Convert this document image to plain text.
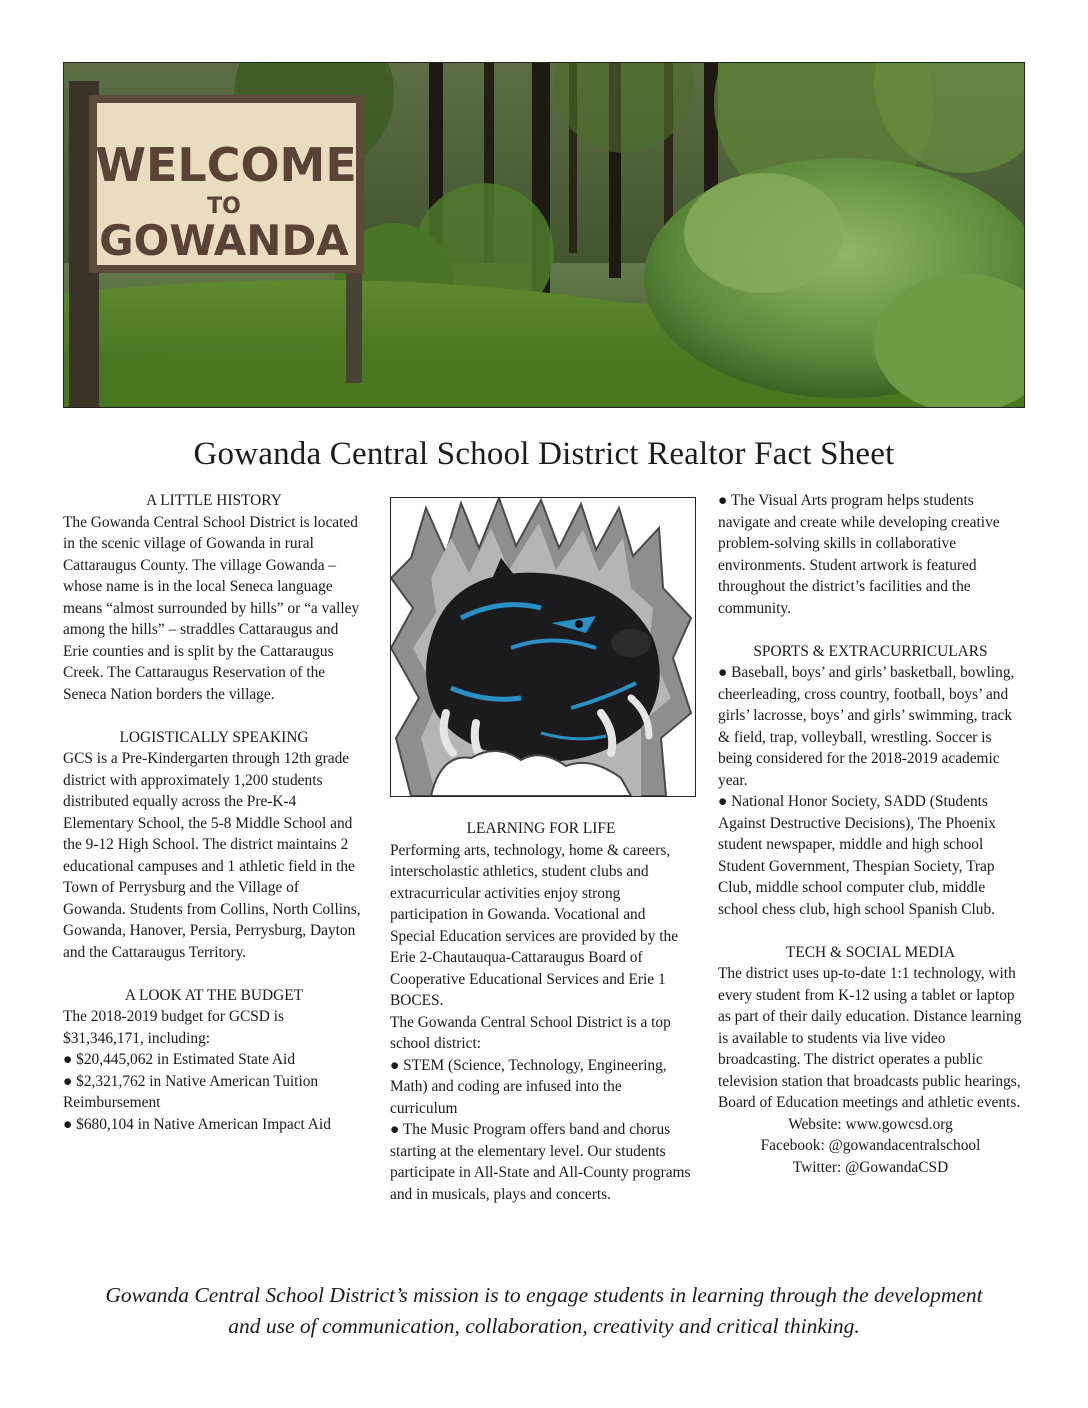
WELCOME
TO
GOWANDA
Gowanda Central School District Realtor Fact Sheet

A LITTLE HISTORY

The Gowanda Central School District is located in the scenic village of Gowanda in rural Cattaraugus County. The village Gowanda – whose name is in the local Seneca language means “almost surrounded by hills” or “a valley among the hills” – straddles Cattaraugus and Erie counties and is split by the Cattaraugus Creek. The Cattaraugus Reservation of the Seneca Nation borders the village.

LOGISTICALLY SPEAKING

GCS is a Pre-Kindergarten through 12th grade district with approximately 1,200 students distributed equally across the Pre-K-4 Elementary School, the 5-8 Middle School and the 9-12 High School. The district maintains 2 educational campuses and 1 athletic field in the Town of Perrysburg and the Village of Gowanda. Students from Collins, North Collins, Gowanda, Hanover, Persia, Perrysburg, Dayton and the Cattaraugus Territory.

A LOOK AT THE BUDGET

The 2018-2019 budget for GCSD is $31,346,171, including:

● $20,445,062 in Estimated State Aid

● $2,321,762 in Native American Tuition Reimbursement

● $680,104 in Native American Impact Aid

LEARNING FOR LIFE

Performing arts, technology, home & careers, interscholastic athletics, student clubs and extracurricular activities enjoy strong participation in Gowanda. Vocational and Special Education services are provided by the Erie 2-Chautauqua-Cattaraugus Board of Cooperative Educational Services and Erie 1 BOCES.

The Gowanda Central School District is a top school district:

● STEM (Science, Technology, Engineering, Math) and coding are infused into the curriculum

● The Music Program offers band and chorus starting at the elementary level. Our students participate in All-State and All-County programs and in musicals, plays and concerts.

● The Visual Arts program helps students navigate and create while developing creative problem-solving skills in collaborative environments. Student artwork is featured throughout the district’s facilities and the community.

SPORTS & EXTRACURRICULARS

● Baseball, boys’ and girls’ basketball, bowling, cheerleading, cross country, football, boys’ and girls’ lacrosse, boys’ and girls’ swimming, track & field, trap, volleyball, wrestling. Soccer is being considered for the 2018-2019 academic year.

● National Honor Society, SADD (Students Against Destructive Decisions), The Phoenix student newspaper, middle and high school Student Government, Thespian Society, Trap Club, middle school computer club, middle school chess club, high school Spanish Club.

TECH & SOCIAL MEDIA

The district uses up-to-date 1:1 technology, with every student from K-12 using a tablet or laptop as part of their daily education. Distance learning is available to students via live video broadcasting. The district operates a public television station that broadcasts public hearings, Board of Education meetings and athletic events.

Website: www.gowcsd.org

Facebook: @gowandacentralschool

Twitter: @GowandaCSD

Gowanda Central School District’s mission is to engage students in learning through the development
and use of communication, collaboration, creativity and critical thinking.
